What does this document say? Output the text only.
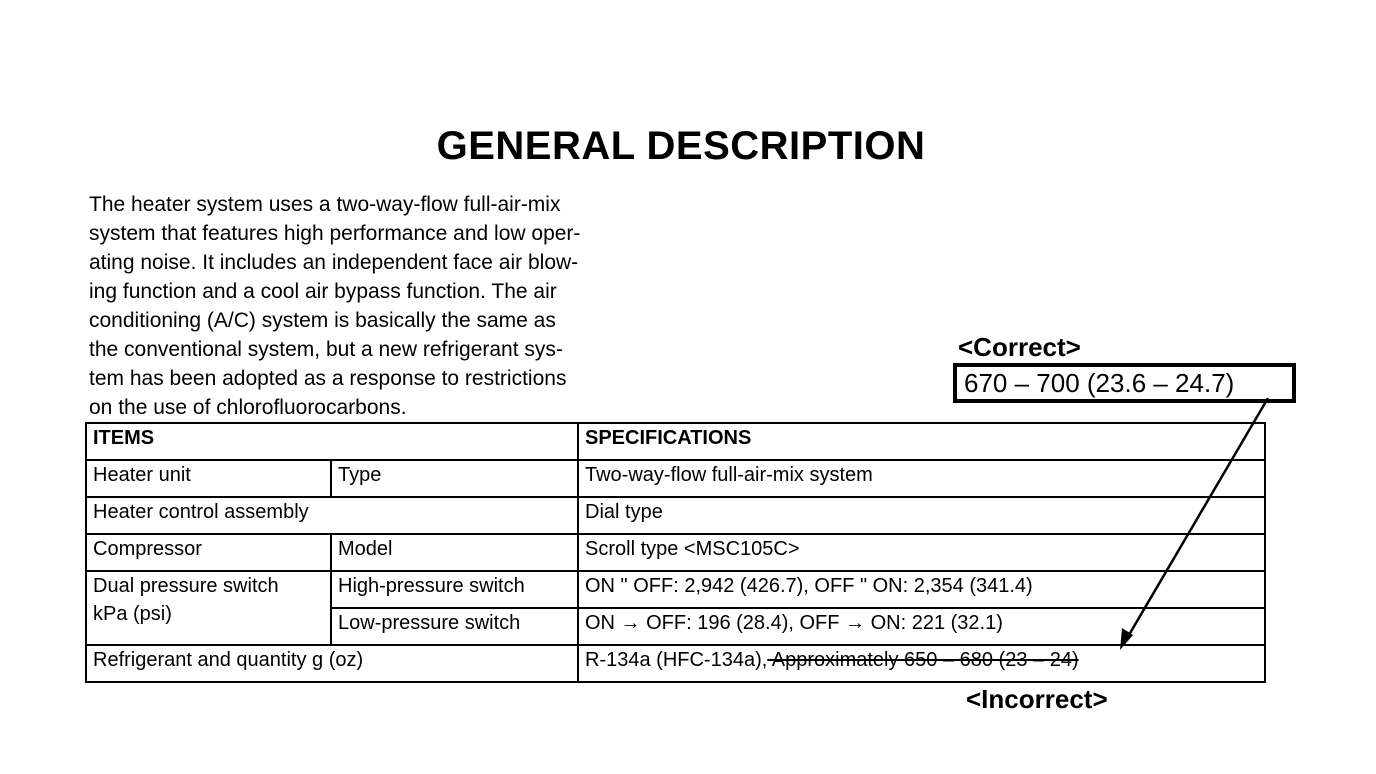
GENERAL DESCRIPTION
The heater system uses a two-way-flow full-air-mix
system that features high performance and low oper-
ating noise. It includes an independent face air blow-
ing function and a cool air bypass function. The air
conditioning (A/C) system is basically the same as
the conventional system, but a new refrigerant sys-
tem has been adopted as a response to restrictions
on the use of chlorofluorocarbons.
<Correct>
670 – 700 (23.6 – 24.7)
ITEMS		SPECIFICATIONS
Heater unit	Type	Two-way-flow full-air-mix system
Heater control assembly		Dial type
Compressor	Model	Scroll type <MSC105C>

Dual pressure switch
kPa (psi)	High-pressure switch	ON " OFF: 2,942 (426.7), OFF " ON: 2,354 (341.4)
	Low-pressure switch	ON → OFF: 196 (28.4), OFF → ON: 221 (32.1)
Refrigerant and quantity g (oz)		R-134a (HFC-134a), Approximately 650 – 680 (23 – 24)
<Incorrect>
